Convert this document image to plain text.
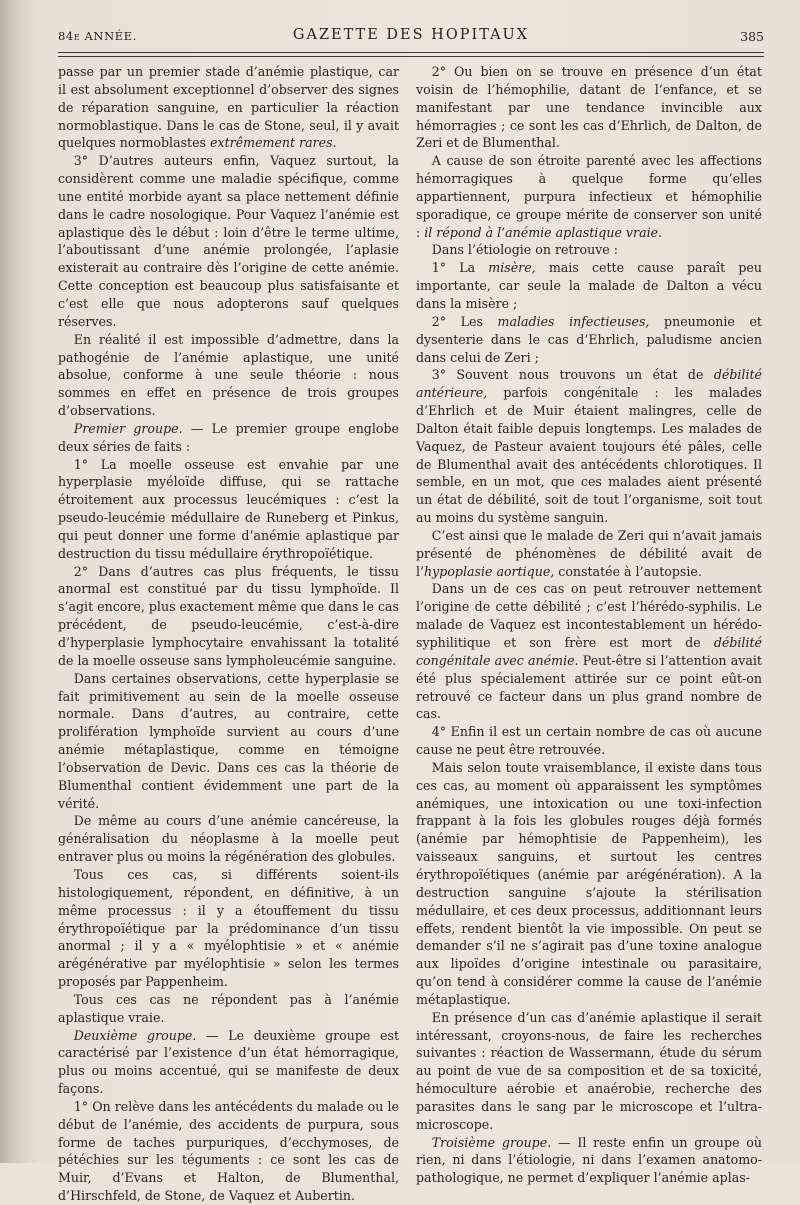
84e ANNÉE.	GAZETTE DES HOPITAUX	385

passe par un premier stade d’anémie plastique, car il est absolument exceptionnel d’observer des signes de réparation sanguine, en particulier la réaction normoblastique. Dans le cas de Stone, seul, il y avait quelques normoblastes extrêmement rares.

3° D’autres auteurs enfin, Vaquez surtout, la considèrent comme une maladie spécifique, comme une entité morbide ayant sa place nettement définie dans le cadre nosologique. Pour Vaquez l’anémie est aplastique dès le début : loin d’être le terme ultime, l’aboutissant d’une anémie prolongée, l’aplasie existerait au contraire dès l’origine de cette anémie. Cette conception est beaucoup plus satisfaisante et c’est elle que nous adopterons sauf quelques réserves.

En réalité il est impossible d’admettre, dans la pathogénie de l’anémie aplastique, une unité absolue, conforme à une seule théorie : nous sommes en effet en présence de trois groupes d’observations.

Premier groupe. — Le premier groupe englobe deux séries de faits :

1° La moelle osseuse est envahie par une hyperplasie myéloïde diffuse, qui se rattache étroitement aux processus leucémiques : c’est la pseudo-leucémie médullaire de Runeberg et Pinkus, qui peut donner une forme d’anémie aplastique par destruction du tissu médullaire érythropoïétique.

2° Dans d’autres cas plus fréquents, le tissu anormal est constitué par du tissu lymphoïde. Il s’agit encore, plus exactement même que dans le cas précédent, de pseudo-leucémie, c’est-à-dire d’hyperplasie lymphocytaire envahissant la totalité de la moelle osseuse sans lympholeucémie sanguine.

Dans certaines observations, cette hyperplasie se fait primitivement au sein de la moelle osseuse normale. Dans d’autres, au contraire, cette prolifération lymphoïde survient au cours d’une anémie métaplastique, comme en témoigne l’observation de Devic. Dans ces cas la théorie de Blumenthal contient évidemment une part de la vérité.

De même au cours d’une anémie cancéreuse, la généralisation du néoplasme à la moelle peut entraver plus ou moins la régénération des globules.

Tous ces cas, si différents soient-ils histologiquement, répondent, en définitive, à un même processus : il y a étouffement du tissu érythropoïétique par la prédominance d’un tissu anormal ; il y a « myélophtisie » et « anémie arégénérative par myélophtisie » selon les termes proposés par Pappenheim.

Tous ces cas ne répondent pas à l’anémie aplastique vraie.

Deuxième groupe. — Le deuxième groupe est caractérisé par l’existence d’un état hémorragique, plus ou moins accentué, qui se manifeste de deux façons.

1° On relève dans les antécédents du malade ou le début de l’anémie, des accidents de purpura, sous forme de taches purpuriques, d’ecchymoses, de pétéchies sur les téguments : ce sont les cas de Muir, d’Evans et Halton, de Blumenthal, d’Hirschfeld, de Stone, de Vaquez et Aubertin.

2° Ou bien on se trouve en présence d’un état voisin de l’hémophilie, datant de l’enfance, et se manifestant par une tendance invincible aux hémorragies ; ce sont les cas d’Ehrlich, de Dalton, de Zeri et de Blumenthal.

A cause de son étroite parenté avec les affections hémorragiques à quelque forme qu’elles appartiennent, purpura infectieux et hémophilie sporadique, ce groupe mérite de conserver son unité : il répond à l’anémie aplastique vraie.

Dans l’étiologie on retrouve :

1° La misère, mais cette cause paraît peu importante, car seule la malade de Dalton a vécu dans la misère ;

2° Les maladies infectieuses, pneumonie et dysenterie dans le cas d’Ehrlich, paludisme ancien dans celui de Zeri ;

3° Souvent nous trouvons un état de débilité antérieure, parfois congénitale : les malades d’Ehrlich et de Muir étaient malingres, celle de Dalton était faible depuis longtemps. Les malades de Vaquez, de Pasteur avaient toujours été pâles, celle de Blumenthal avait des antécédents chlorotiques. Il semble, en un mot, que ces malades aient présenté un état de débilité, soit de tout l’organisme, soit tout au moins du système sanguin.

C’est ainsi que le malade de Zeri qui n’avait jamais présenté de phénomènes de débilité avait de l’hypoplasie aortique, constatée à l’autopsie.

Dans un de ces cas on peut retrouver nettement l’origine de cette débilité ; c’est l’hérédo-syphilis. Le malade de Vaquez est incontestablement un hérédo-syphilitique et son frère est mort de débilité congénitale avec anémie. Peut-être si l’attention avait été plus spécialement attirée sur ce point eût-on retrouvé ce facteur dans un plus grand nombre de cas.

4° Enfin il est un certain nombre de cas où aucune cause ne peut être retrouvée.

Mais selon toute vraisemblance, il existe dans tous ces cas, au moment où apparaissent les symptômes anémiques, une intoxication ou une toxi-infection frappant à la fois les globules rouges déjà formés (anémie par hémophtisie de Pappenheim), les vaisseaux sanguins, et surtout les centres érythropoïétiques (anémie par arégénération). A la destruction sanguine s’ajoute la stérilisation médullaire, et ces deux processus, additionnant leurs effets, rendent bientôt la vie impossible. On peut se demander s’il ne s’agirait pas d’une toxine analogue aux lipoïdes d’origine intestinale ou parasitaire, qu’on tend à considérer comme la cause de l’anémie métaplastique.

En présence d’un cas d’anémie aplastique il serait intéressant, croyons-nous, de faire les recherches suivantes : réaction de Wassermann, étude du sérum au point de vue de sa composition et de sa toxicité, hémoculture aérobie et anaérobie, recherche des parasites dans le sang par le microscope et l’ultra-microscope.

Troisième groupe. — Il reste enfin un groupe où rien, ni dans l’étiologie, ni dans l’examen anatomo-pathologique, ne permet d’expliquer l’anémie aplas-
